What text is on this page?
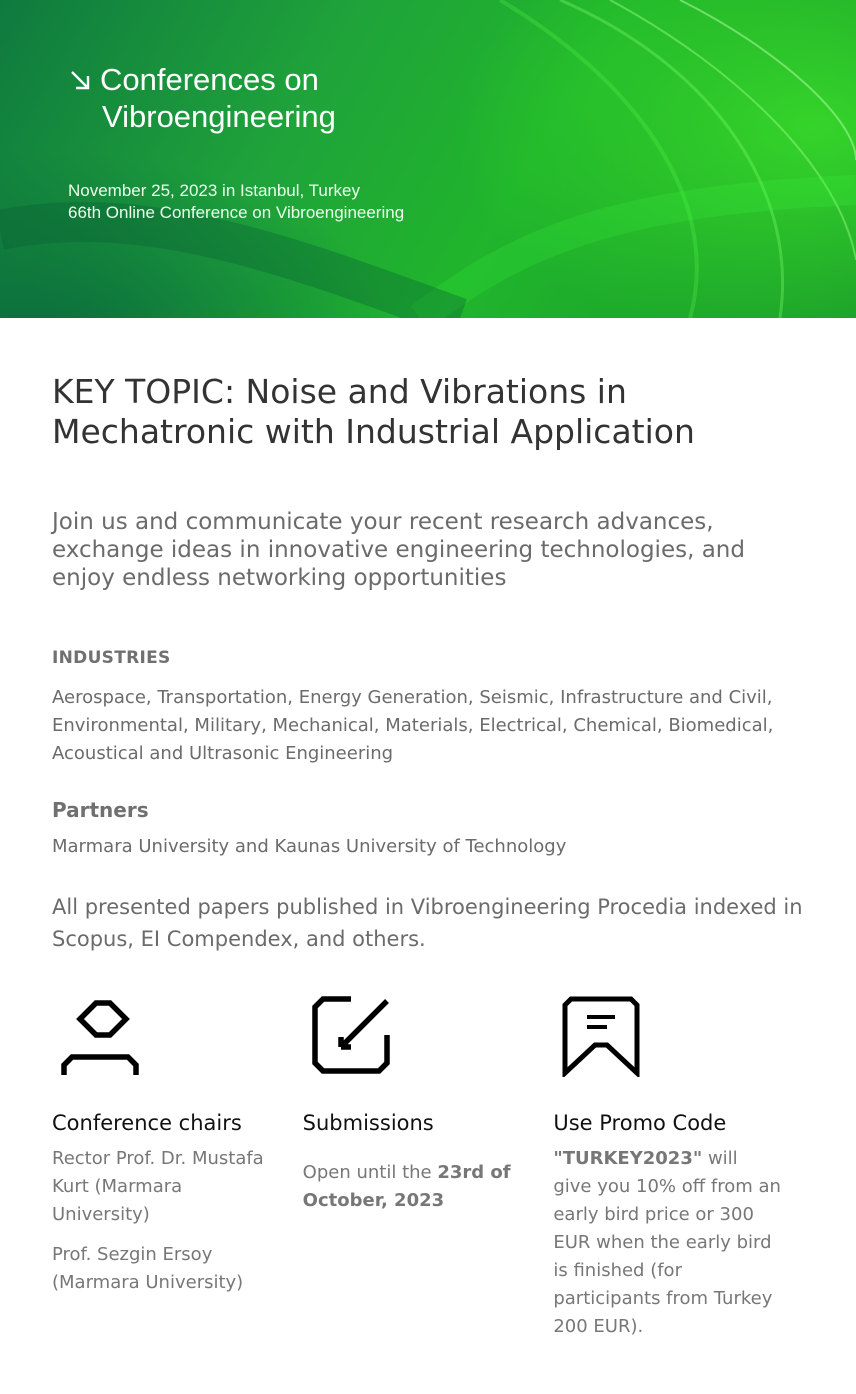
Conferences on
Vibroengineering
November 25, 2023 in Istanbul, Turkey
66th Online Conference on Vibroengineering
KEY TOPIC: Noise and Vibrations in Mechatronic with Industrial Application
Join us and communicate your recent research advances, exchange ideas in innovative engineering technologies, and enjoy endless networking opportunities
INDUSTRIES
Aerospace, Transportation, Energy Generation, Seismic, Infrastructure and Civil, Environmental, Military, Mechanical, Materials, Electrical, Chemical, Biomedical, Acoustical and Ultrasonic Engineering
Partners
Marmara University and Kaunas University of Technology
All presented papers published in Vibroengineering Procedia indexed in Scopus, EI Compendex, and others.
Conference chairs
Rector Prof. Dr. Mustafa Kurt (Marmara University)
Prof. Sezgin Ersoy (Marmara University)
Submissions
Open until the 23rd of October, 2023
Use Promo Code
"TURKEY2023" will give you 10% off from an early bird price or 300 EUR when the early bird is finished (for participants from Turkey 200 EUR).
